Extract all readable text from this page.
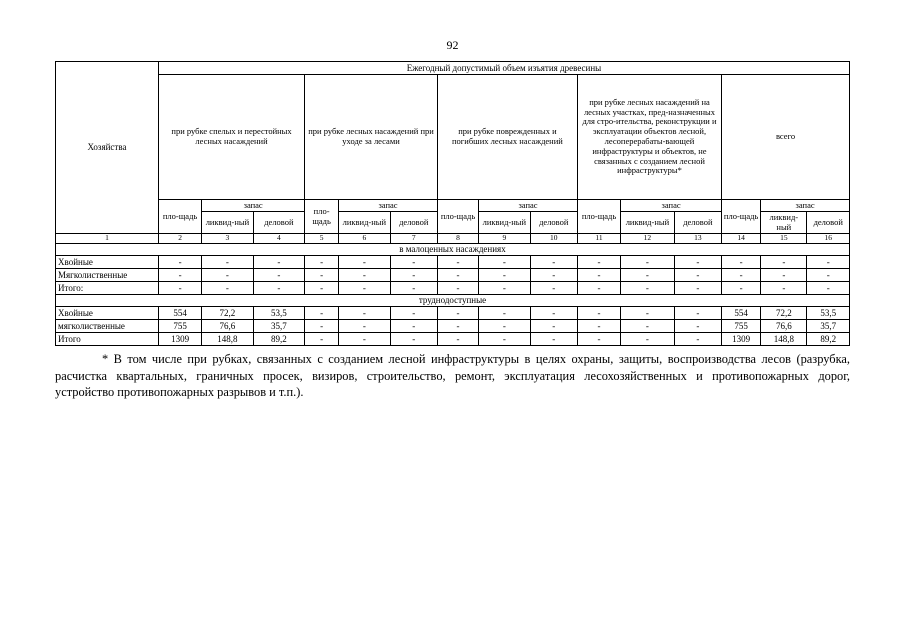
92
Хозяйства	Ежегодный допустимый объем изъятия древесины														
	при рубке спелых и перестойных лесных насаждений			при рубке лесных насаждений при уходе за лесами			при рубке поврежденных и погибших лесных насаждений			при рубке лесных насаждений на лесных участках, пред-назначенных для стро-ительства, реконструкции и эксплуатации объектов лесной, лесоперерабаты-вающей инфраструктуры и объектов, не связанных с созданием лесной инфраструктуры*			всего		
	пло-щадь	запас		пло-щадь	запас		пло-щадь	запас		пло-щадь	запас		пло-щадь	запас	
		ликвид-ный	деловой		ликвид-ный	деловой		ликвид-ный	деловой		ликвид-ный	деловой		ликвид-ный	деловой
1	2	3	4	5	6	7	8	9	10	11	12	13	14	15	16
в малоценных насаждениях															
Хвойные	-	-	-	-	-	-	-	-	-	-	-	-	-	-	-
Мягколиственные	-	-	-	-	-	-	-	-	-	-	-	-	-	-	-
Итого:	-	-	-	-	-	-	-	-	-	-	-	-	-	-	-
труднодоступные															
Хвойные	554	72,2	53,5	-	-	-	-	-	-	-	-	-	554	72,2	53,5
мягколиственные	755	76,6	35,7	-	-	-	-	-	-	-	-	-	755	76,6	35,7
Итого	1309	148,8	89,2	-	-	-	-	-	-	-	-	-	1309	148,8	89,2

* В том числе при рубках, связанных с созданием лесной инфраструктуры в целях охраны, защиты, воспроизводства лесов (разрубка,

расчистка квартальных, граничных просек, визиров, строительство, ремонт, эксплуатация лесохозяйственных и противопожарных дорог,

устройство противопожарных разрывов и т.п.).
